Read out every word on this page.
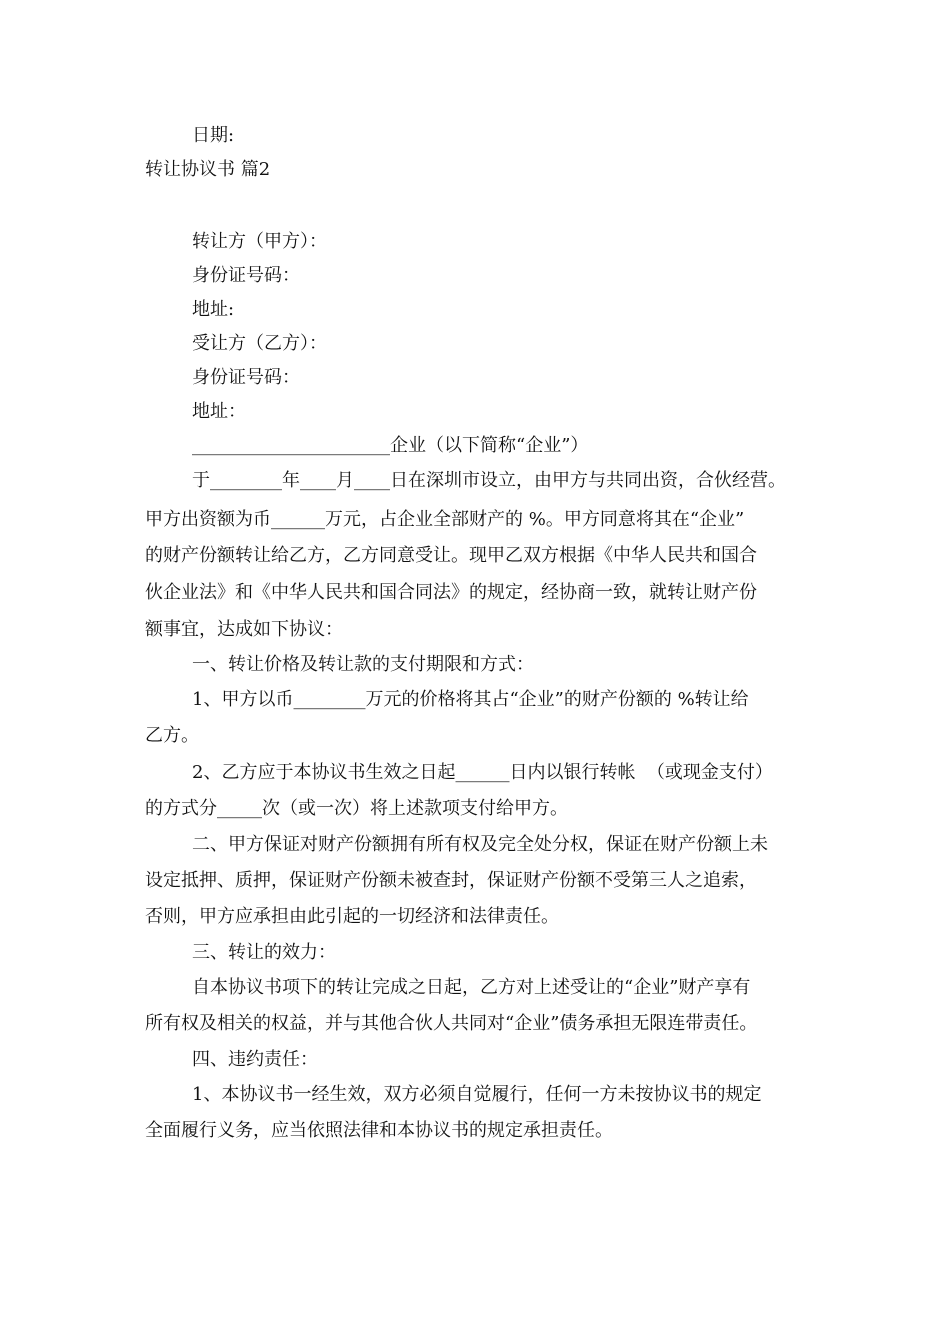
日期:
转让协议书 篇2
转让方（甲方）：
身份证号码：
地址:
受让方（乙方）：
身份证号码：
地址：
______________________企业（以下简称“企业”）
于________年____月____日在深圳市设立，由甲方与共同出资，合伙经营。
甲方出资额为币______万元，占企业全部财产的 %。甲方同意将其在“企业”
的财产份额转让给乙方，乙方同意受让。现甲乙双方根据《中华人民共和国合
伙企业法》和《中华人民共和国合同法》的规定，经协商一致，就转让财产份
额事宜，达成如下协议：
一、转让价格及转让款的支付期限和方式：
1、甲方以币________万元的价格将其占“企业”的财产份额的 %转让给
乙方。
2、乙方应于本协议书生效之日起______日内以银行转帐  （或现金支付）
的方式分_____次（或一次）将上述款项支付给甲方。
二、甲方保证对财产份额拥有所有权及完全处分权，保证在财产份额上未
设定抵押、质押，保证财产份额未被查封，保证财产份额不受第三人之追索，
否则，甲方应承担由此引起的一切经济和法律责任。
三、转让的效力：
自本协议书项下的转让完成之日起，乙方对上述受让的“企业”财产享有
所有权及相关的权益，并与其他合伙人共同对“企业”债务承担无限连带责任。
四、违约责任：
1、本协议书一经生效，双方必须自觉履行，任何一方未按协议书的规定
全面履行义务，应当依照法律和本协议书的规定承担责任。
